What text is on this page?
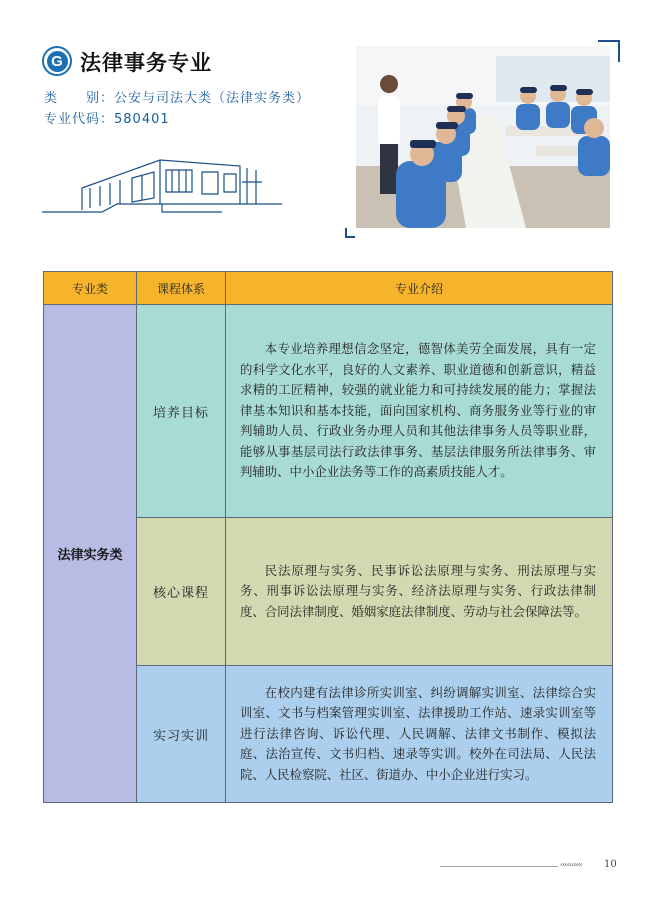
G 法律事务专业
类　　别：公安与司法大类（法律实务类）
专业代码：580401
专业类	课程体系	专业介绍
法律实务类
培养目标

本专业培养理想信念坚定，德智体美劳全面发展，具有一定的科学文化水平，良好的人文素养、职业道德和创新意识，精益求精的工匠精神，较强的就业能力和可持续发展的能力；掌握法律基本知识和基本技能，面向国家机构、商务服务业等行业的审判辅助人员、行政业务办理人员和其他法律事务人员等职业群，能够从事基层司法行政法律事务、基层法律服务所法律事务、审判辅助、中小企业法务等工作的高素质技能人才。

核心课程

民法原理与实务、民事诉讼法原理与实务、刑法原理与实务、刑事诉讼法原理与实务、经济法原理与实务、行政法律制度、合同法律制度、婚姻家庭法律制度、劳动与社会保障法等。

实习实训

在校内建有法律诊所实训室、纠纷调解实训室、法律综合实训室、文书与档案管理实训室、法律援助工作站、速录实训室等进行法律咨询、诉讼代理、人民调解、法律文书制作、模拟法庭、法治宣传、文书归档、速录等实训。校外在司法局、人民法院、人民检察院、社区、街道办、中小企业进行实习。

‹‹‹‹‹‹‹‹‹‹ 10
